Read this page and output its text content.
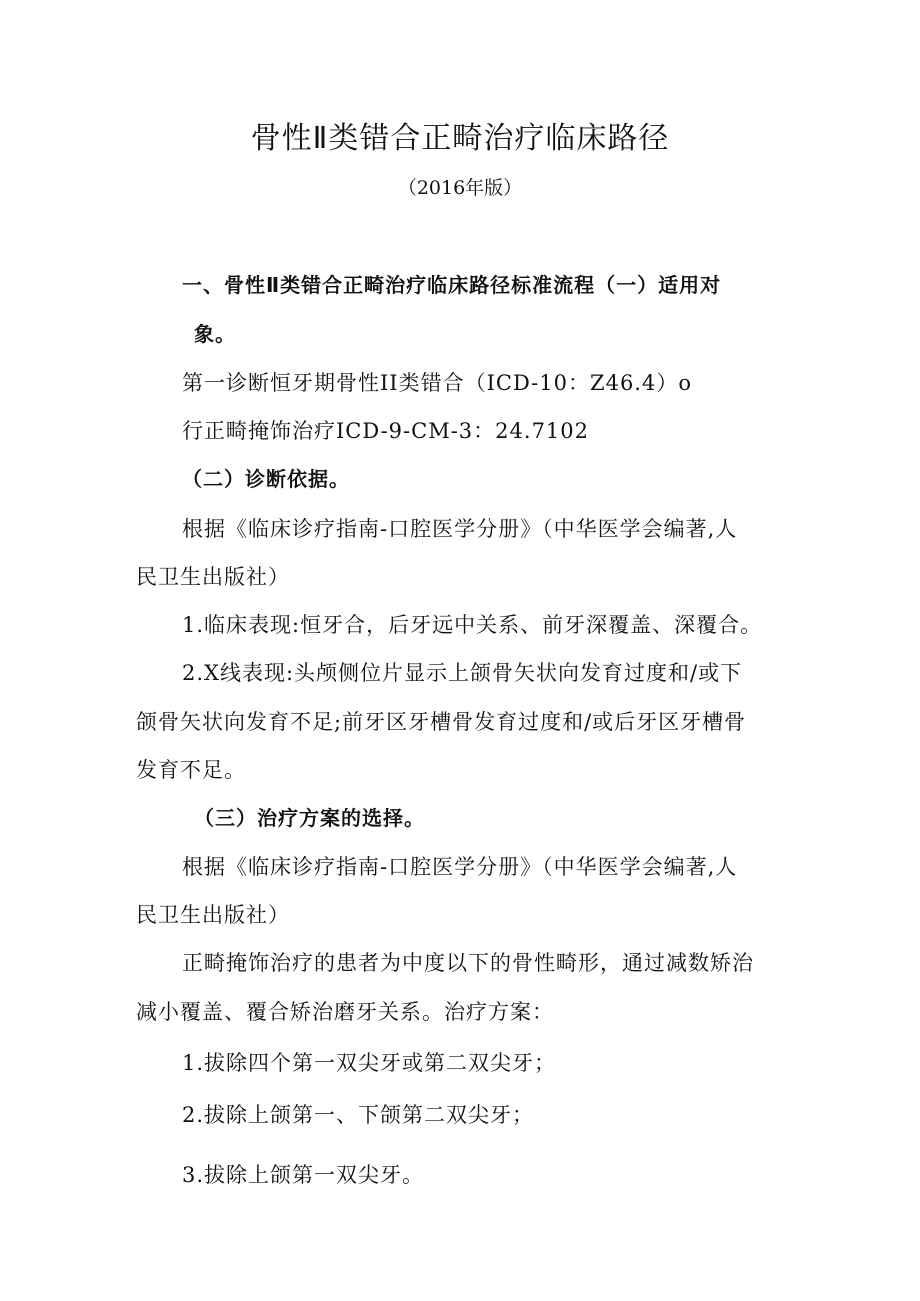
骨性Ⅱ类错合正畸治疗临床路径
（2016年版）
一、骨性Ⅱ类错合正畸治疗临床路径标准流程（一）适用对
象。
第一诊断恒牙期骨性II类错合（ICD-10：Z46.4）o
行正畸掩饰治疗ICD-9-CM-3：24.7102
（二）诊断依据。
根据《临床诊疗指南-口腔医学分册》（中华医学会编著,人
民卫生出版社）
1.临床表现:恒牙合，后牙远中关系、前牙深覆盖、深覆合。
2.X线表现:头颅侧位片显示上颌骨矢状向发育过度和/或下
颌骨矢状向发育不足;前牙区牙槽骨发育过度和/或后牙区牙槽骨
发育不足。
（三）治疗方案的选择。
根据《临床诊疗指南-口腔医学分册》（中华医学会编著,人
民卫生出版社）
正畸掩饰治疗的患者为中度以下的骨性畸形，通过减数矫治
减小覆盖、覆合矫治磨牙关系。治疗方案：
1.拔除四个第一双尖牙或第二双尖牙；
2.拔除上颌第一、下颌第二双尖牙；
3.拔除上颌第一双尖牙。
